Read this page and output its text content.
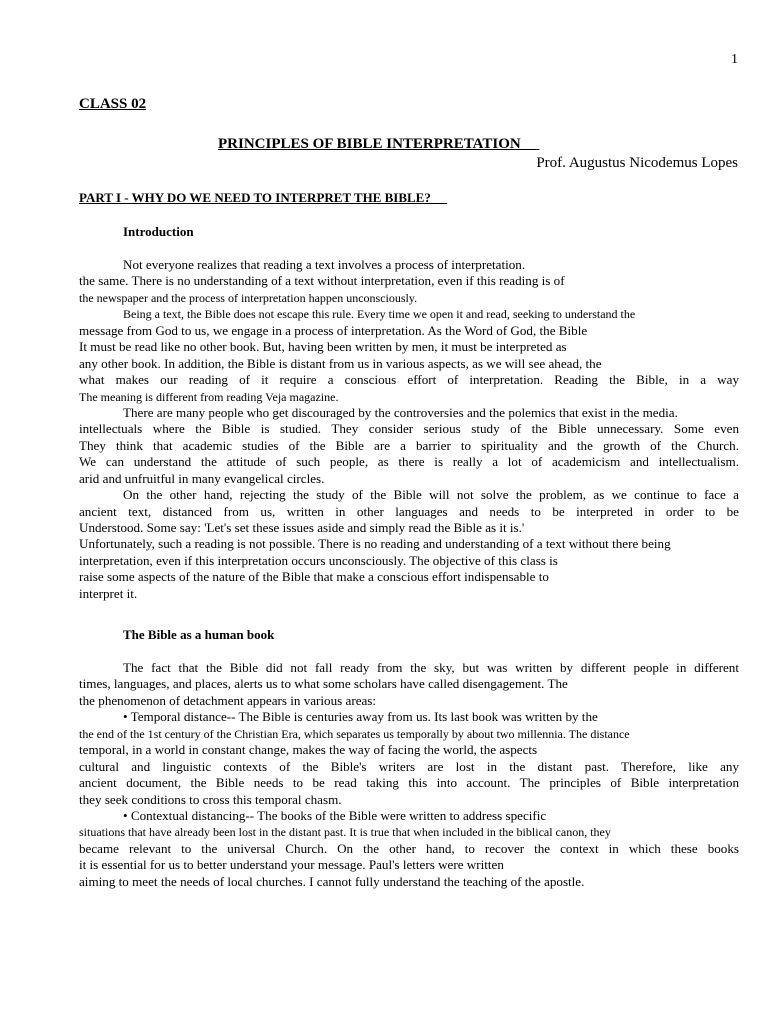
1
CLASS 02
PRINCIPLES OF BIBLE INTERPRETATION
Prof. Augustus Nicodemus Lopes
PART I - WHY DO WE NEED TO INTERPRET THE BIBLE?
Introduction
Not everyone realizes that reading a text involves a process of interpretation.
the same. There is no understanding of a text without interpretation, even if this reading is of
the newspaper and the process of interpretation happen unconsciously.
Being a text, the Bible does not escape this rule. Every time we open it and read, seeking to understand the
message from God to us, we engage in a process of interpretation. As the Word of God, the Bible
It must be read like no other book. But, having been written by men, it must be interpreted as
any other book. In addition, the Bible is distant from us in various aspects, as we will see ahead, the
what makes our reading of it require a conscious effort of interpretation. Reading the Bible, in a way
The meaning is different from reading Veja magazine.
There are many people who get discouraged by the controversies and the polemics that exist in the media.
intellectuals where the Bible is studied. They consider serious study of the Bible unnecessary. Some even
They think that academic studies of the Bible are a barrier to spirituality and the growth of the Church.
We can understand the attitude of such people, as there is really a lot of academicism and intellectualism.
arid and unfruitful in many evangelical circles.
On the other hand, rejecting the study of the Bible will not solve the problem, as we continue to face a
ancient text, distanced from us, written in other languages and needs to be interpreted in order to be
Understood. Some say: 'Let's set these issues aside and simply read the Bible as it is.'
Unfortunately, such a reading is not possible. There is no reading and understanding of a text without there being
interpretation, even if this interpretation occurs unconsciously. The objective of this class is
raise some aspects of the nature of the Bible that make a conscious effort indispensable to
interpret it.
The Bible as a human book
The fact that the Bible did not fall ready from the sky, but was written by different people in different
times, languages, and places, alerts us to what some scholars have called disengagement. The
the phenomenon of detachment appears in various areas:
• Temporal distance-- The Bible is centuries away from us. Its last book was written by the
the end of the 1st century of the Christian Era, which separates us temporally by about two millennia. The distance
temporal, in a world in constant change, makes the way of facing the world, the aspects
cultural and linguistic contexts of the Bible's writers are lost in the distant past. Therefore, like any
ancient document, the Bible needs to be read taking this into account. The principles of Bible interpretation
they seek conditions to cross this temporal chasm.
• Contextual distancing-- The books of the Bible were written to address specific
situations that have already been lost in the distant past. It is true that when included in the biblical canon, they
became relevant to the universal Church. On the other hand, to recover the context in which these books
it is essential for us to better understand your message. Paul's letters were written
aiming to meet the needs of local churches. I cannot fully understand the teaching of the apostle.
